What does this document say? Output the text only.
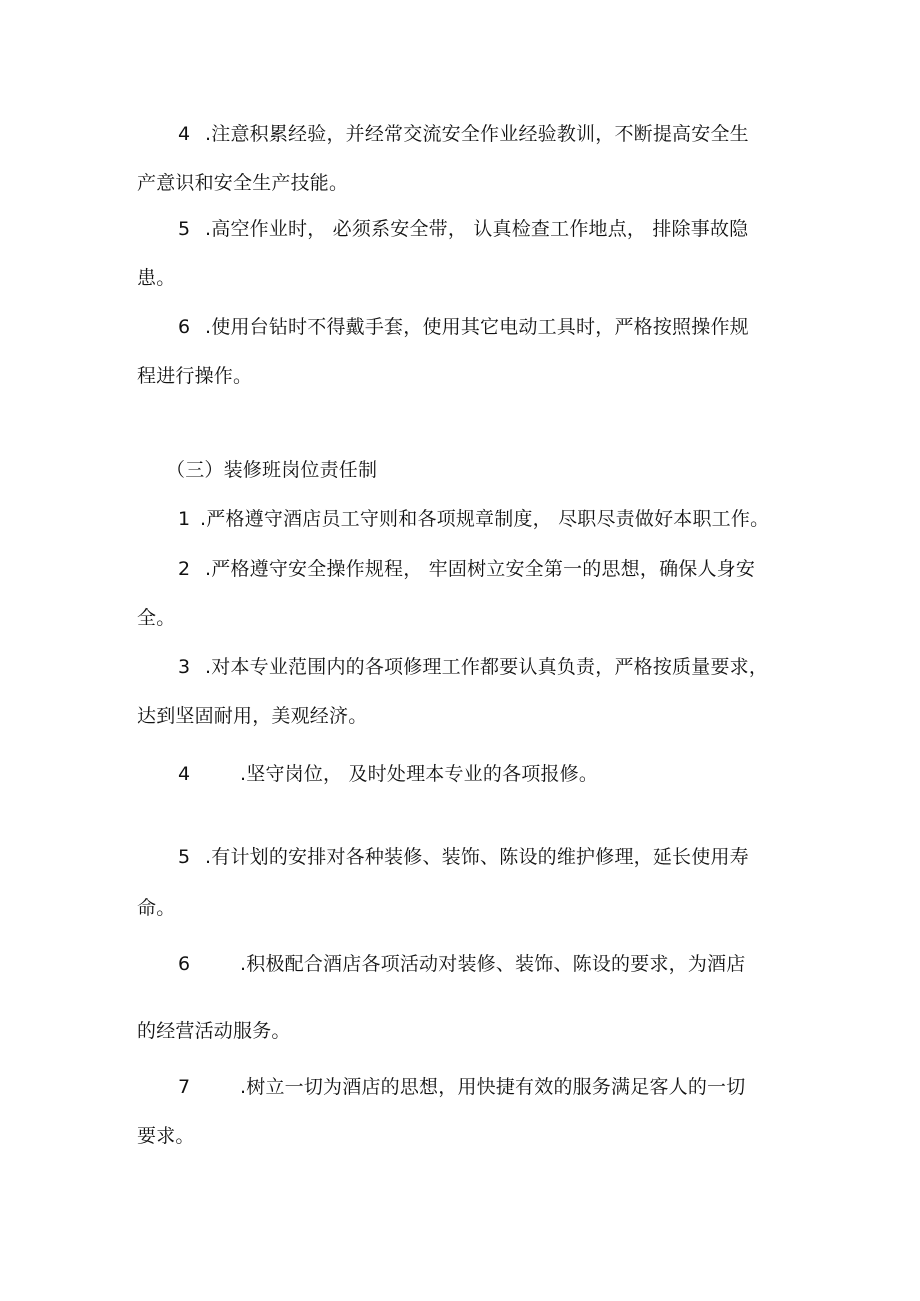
4 .注意积累经验，并经常交流安全作业经验教训，不断提高安全生
产意识和安全生产技能。
5 .高空作业时， 必须系安全带， 认真检查工作地点， 排除事故隐
患。
6 .使用台钻时不得戴手套，使用其它电动工具时，严格按照操作规
程进行操作。
（三）装修班岗位责任制
1 .严格遵守酒店员工守则和各项规章制度， 尽职尽责做好本职工作。
2 .严格遵守安全操作规程， 牢固树立安全第一的思想，确保人身安
全。
3 .对本专业范围内的各项修理工作都要认真负责，严格按质量要求，
达到坚固耐用，美观经济。
4	.坚守岗位， 及时处理本专业的各项报修。
5 .有计划的安排对各种装修、装饰、陈设的维护修理，延长使用寿
命。
6	.积极配合酒店各项活动对装修、装饰、陈设的要求，为酒店
的经营活动服务。
7	.树立一切为酒店的思想，用快捷有效的服务满足客人的一切
要求。
